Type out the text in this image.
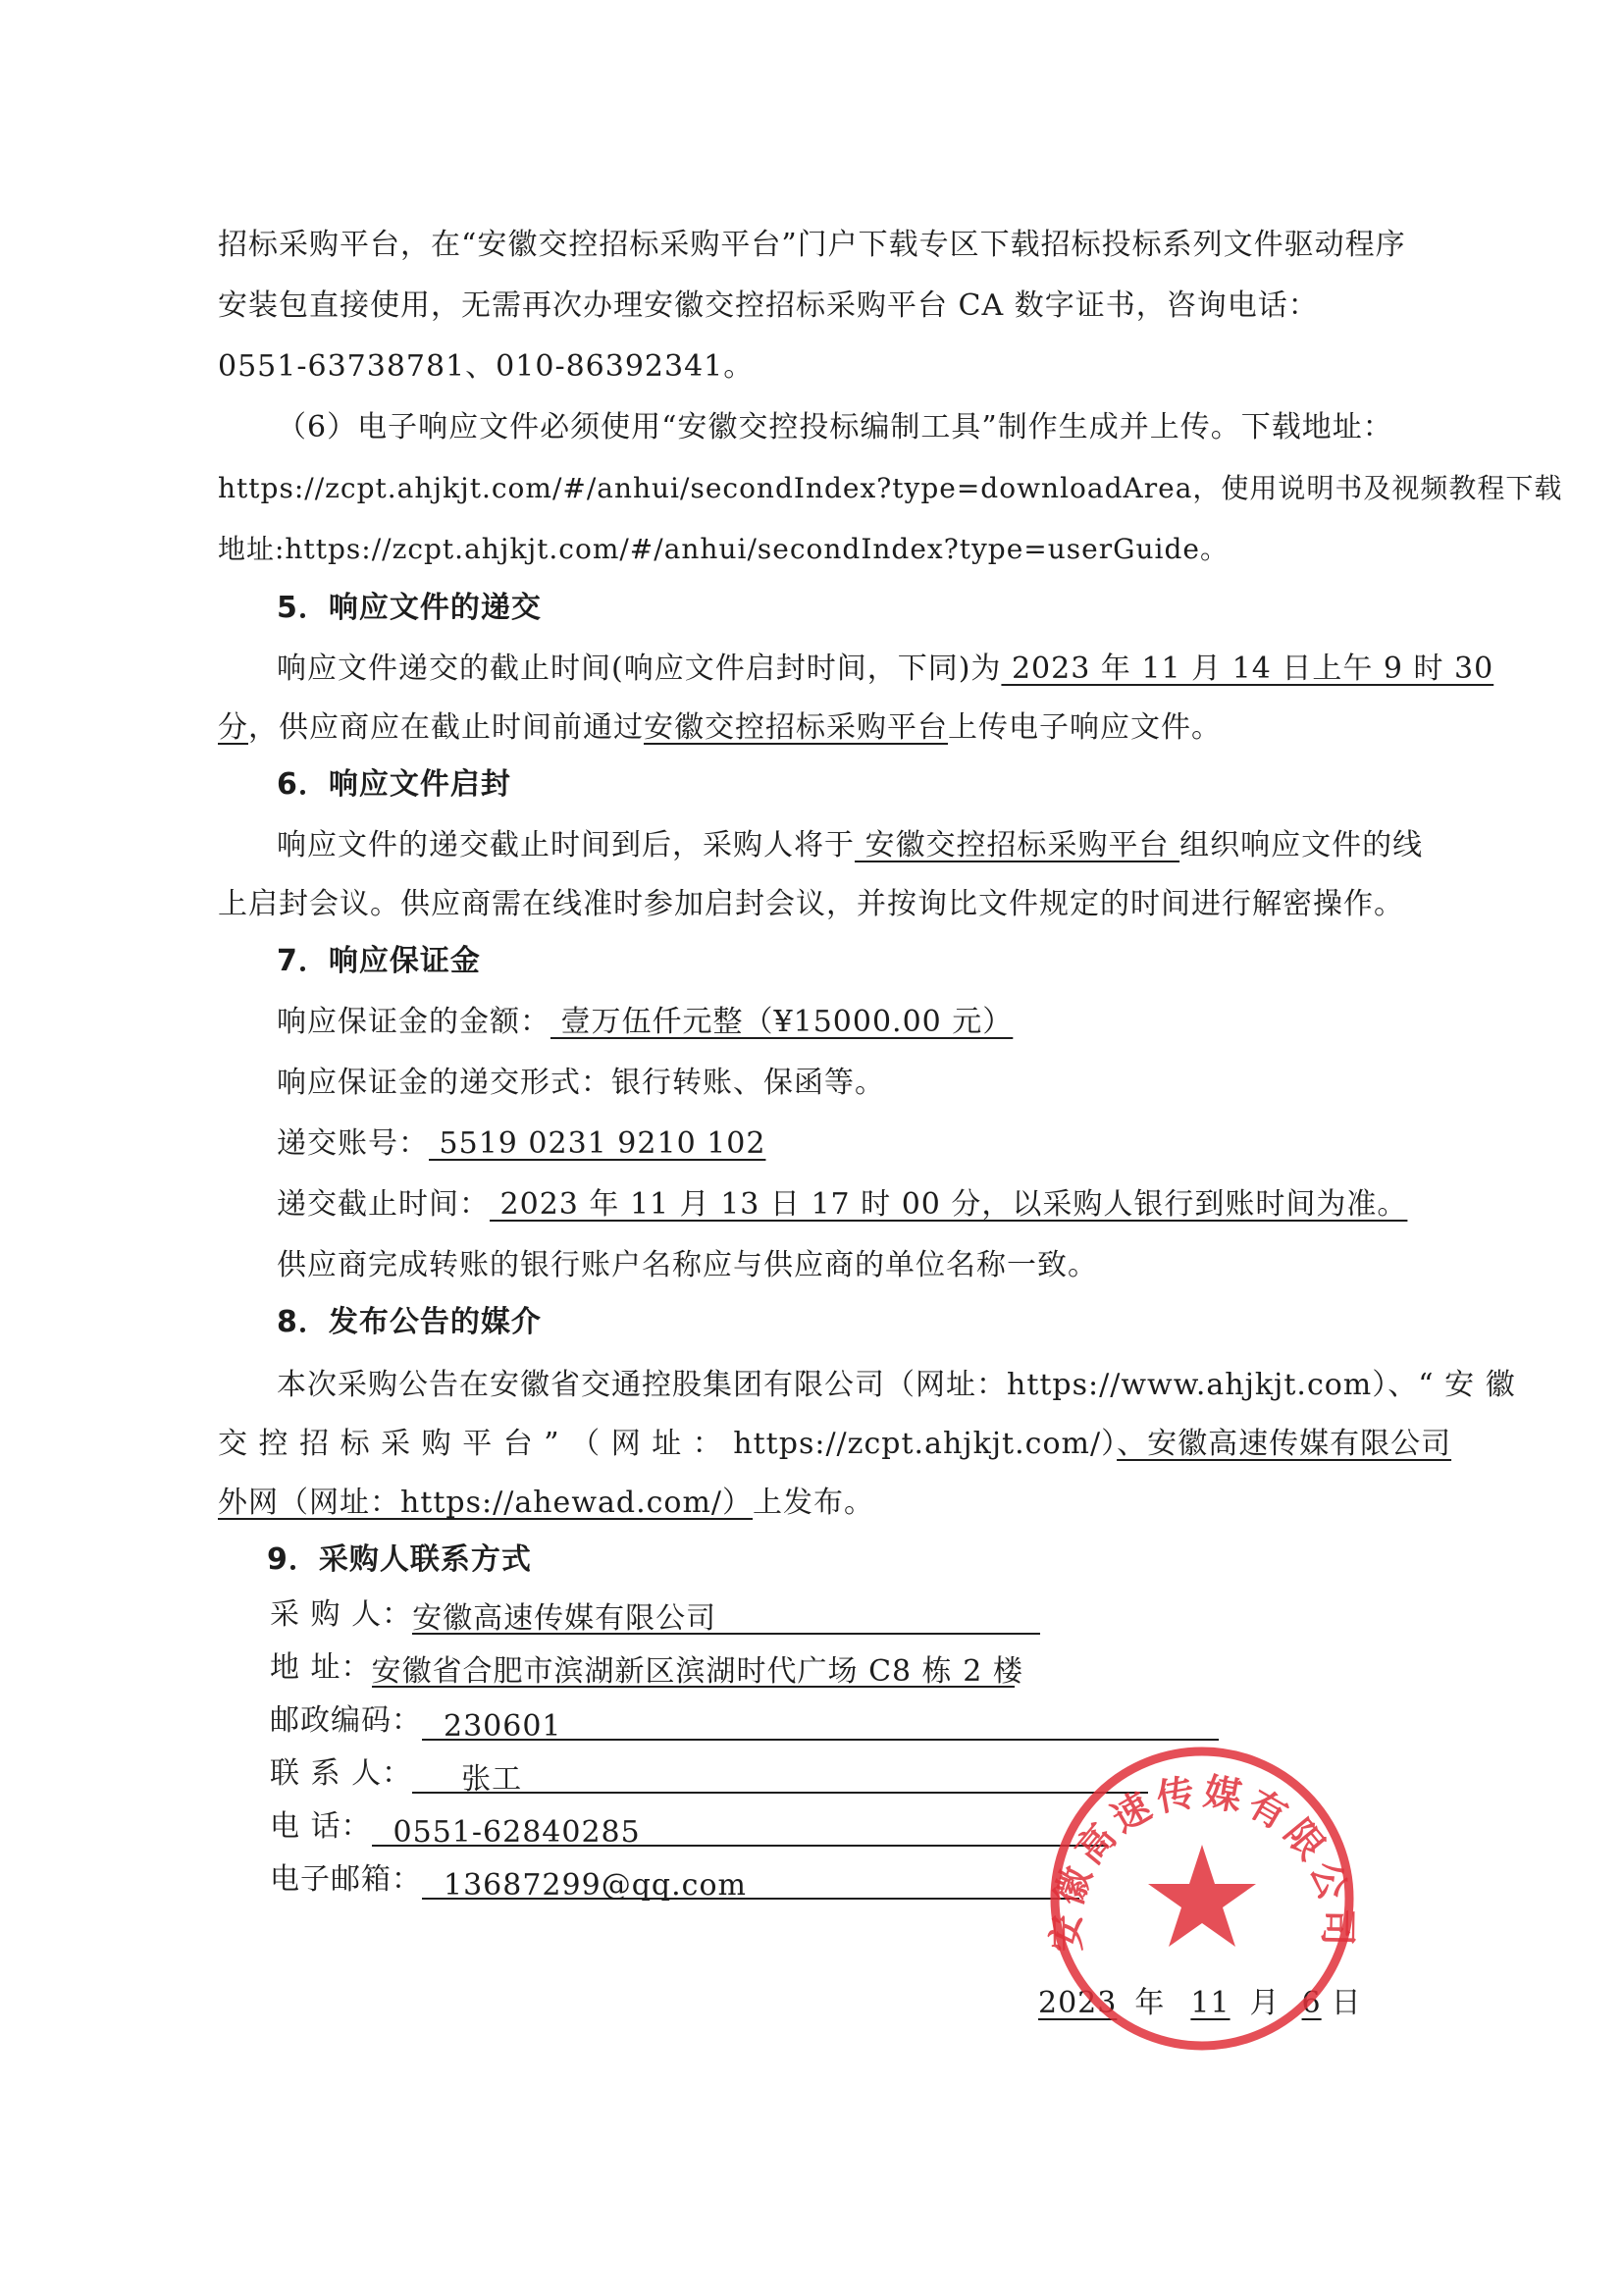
招标采购平台，在“安徽交控招标采购平台”门户下载专区下载招标投标系列文件驱动程序
安装包直接使用，无需再次办理安徽交控招标采购平台 CA 数字证书，咨询电话：
0551-63738781、010-86392341。
（6）电子响应文件必须使用“安徽交控投标编制工具”制作生成并上传。下载地址：
https://zcpt.ahjkjt.com/#/anhui/secondIndex?type=downloadArea，使用说明书及视频教程下载
地址:https://zcpt.ahjkjt.com/#/anhui/secondIndex?type=userGuide。
5．响应文件的递交
响应文件递交的截止时间(响应文件启封时间，下同)为 2023 年 11 月 14 日上午 9 时 30
分，供应商应在截止时间前通过安徽交控招标采购平台上传电子响应文件。
6．响应文件启封
响应文件的递交截止时间到后，采购人将于 安徽交控招标采购平台 组织响应文件的线
上启封会议。供应商需在线准时参加启封会议，并按询比文件规定的时间进行解密操作。
7．响应保证金
响应保证金的金额： 壹万伍仟元整（¥15000.00 元）
响应保证金的递交形式：银行转账、保函等。
递交账号： 5519 0231 9210 102
递交截止时间： 2023 年 11 月 13 日 17 时 00 分，以采购人银行到账时间为准。
供应商完成转账的银行账户名称应与供应商的单位名称一致。
8．发布公告的媒介
本次采购公告在安徽省交通控股集团有限公司（网址：https://www.ahjkjt.com）、“ 安 徽
交 控 招 标 采 购 平 台 ” （ 网 址 ： https://zcpt.ahjkjt.com/）、安徽高速传媒有限公司
外网（网址：https://ahewad.com/）上发布。
9．采购人联系方式
采 购 人：安徽高速传媒有限公司
地 址：安徽省合肥市滨湖新区滨湖时代广场 C8 栋 2 楼
邮政编码： 230601
联 系 人： 张工
电 话： 0551-62840285
电子邮箱： 13687299@qq.com
2023 年 11 月 6 日
安徽高速传媒有限公司
